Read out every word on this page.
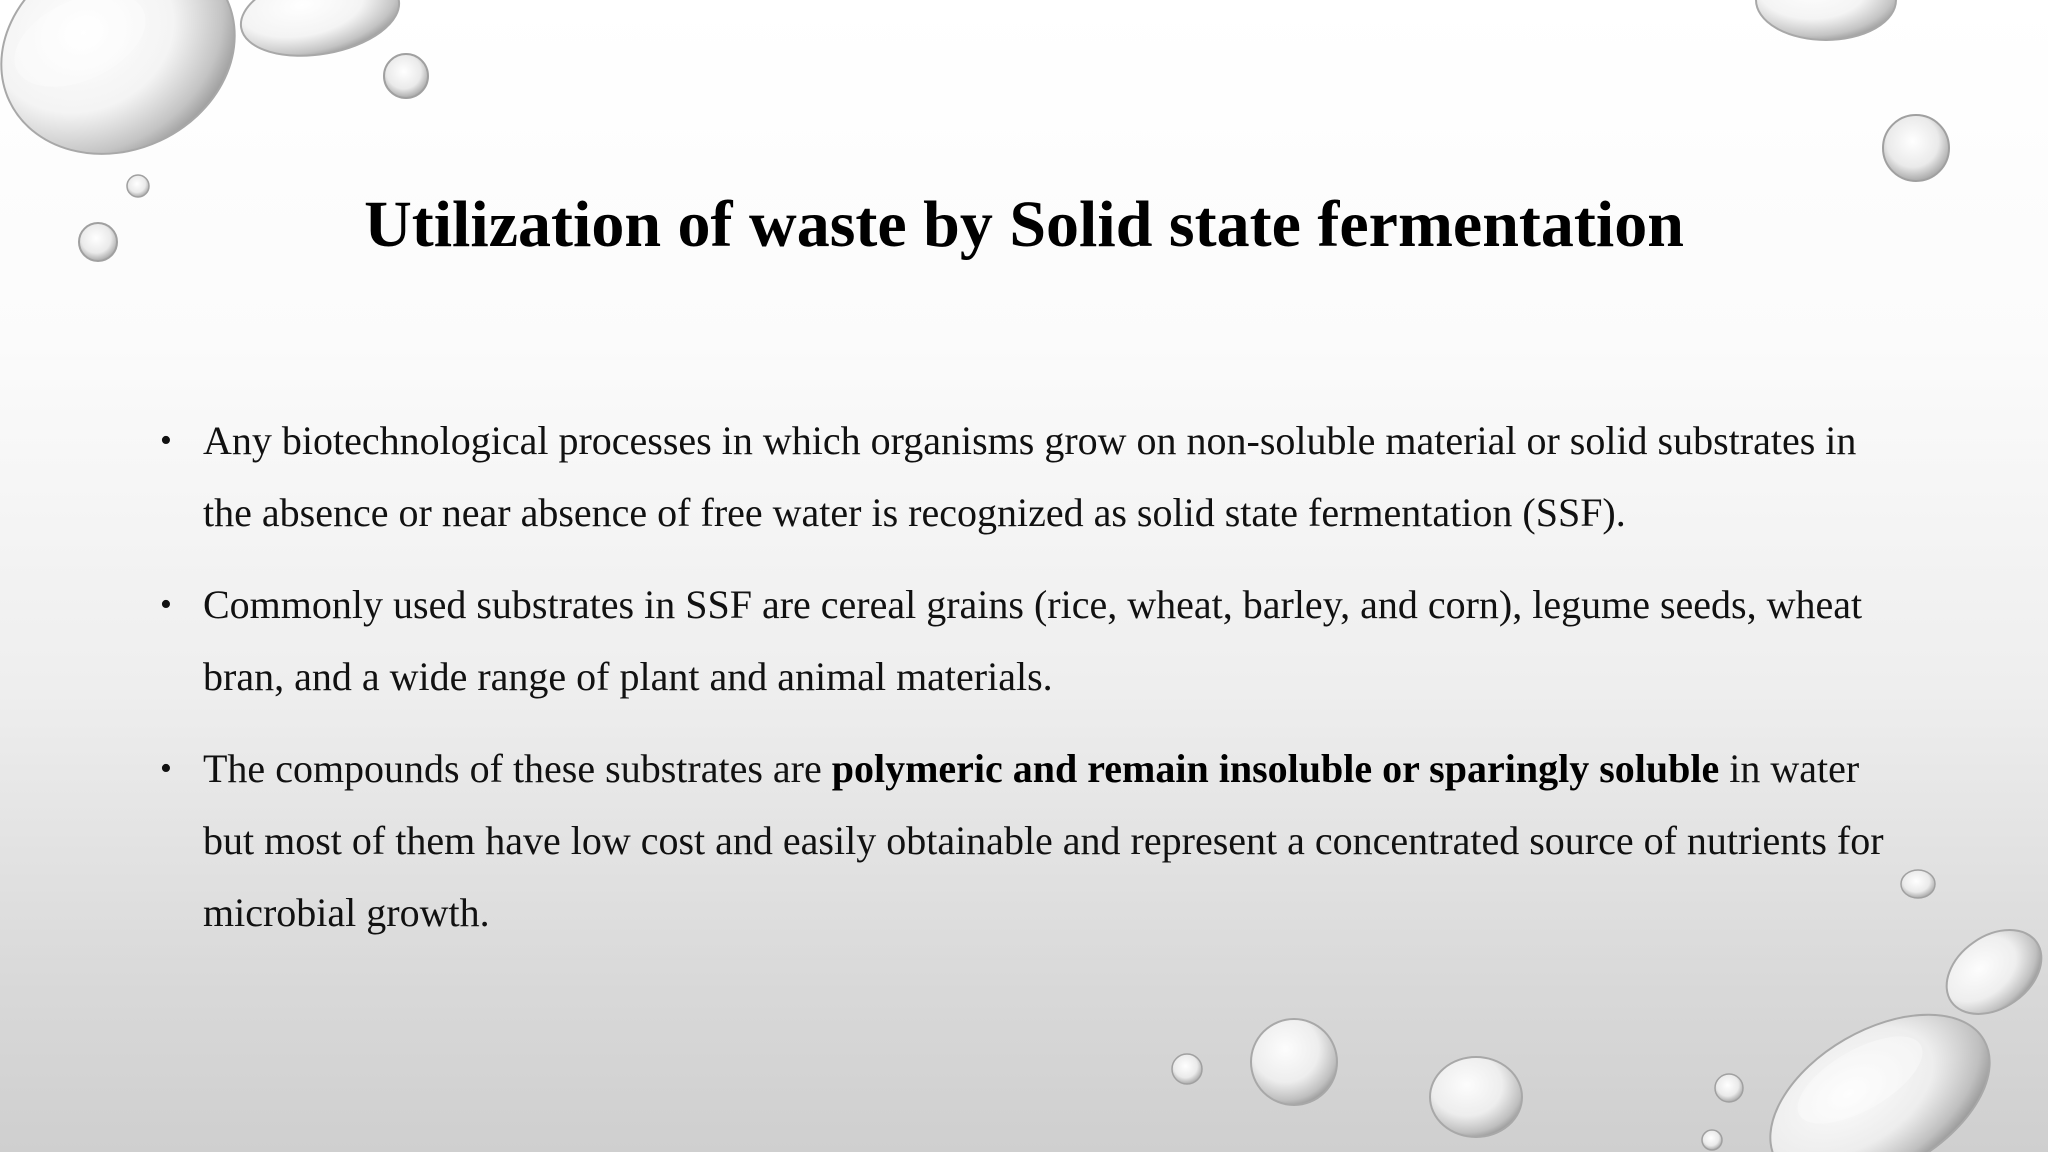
Utilization of waste by Solid state fermentation
• Any biotechnological processes in which organisms grow on non-soluble material or solid substrates in the absence or near absence of free water is recognized as solid state fermentation (SSF).
• Commonly used substrates in SSF are cereal grains (rice, wheat, barley, and corn), legume seeds, wheat bran, and a wide range of plant and animal materials.
• The compounds of these substrates are polymeric and remain insoluble or sparingly soluble in water but most of them have low cost and easily obtainable and represent a concentrated source of nutrients for microbial growth.
